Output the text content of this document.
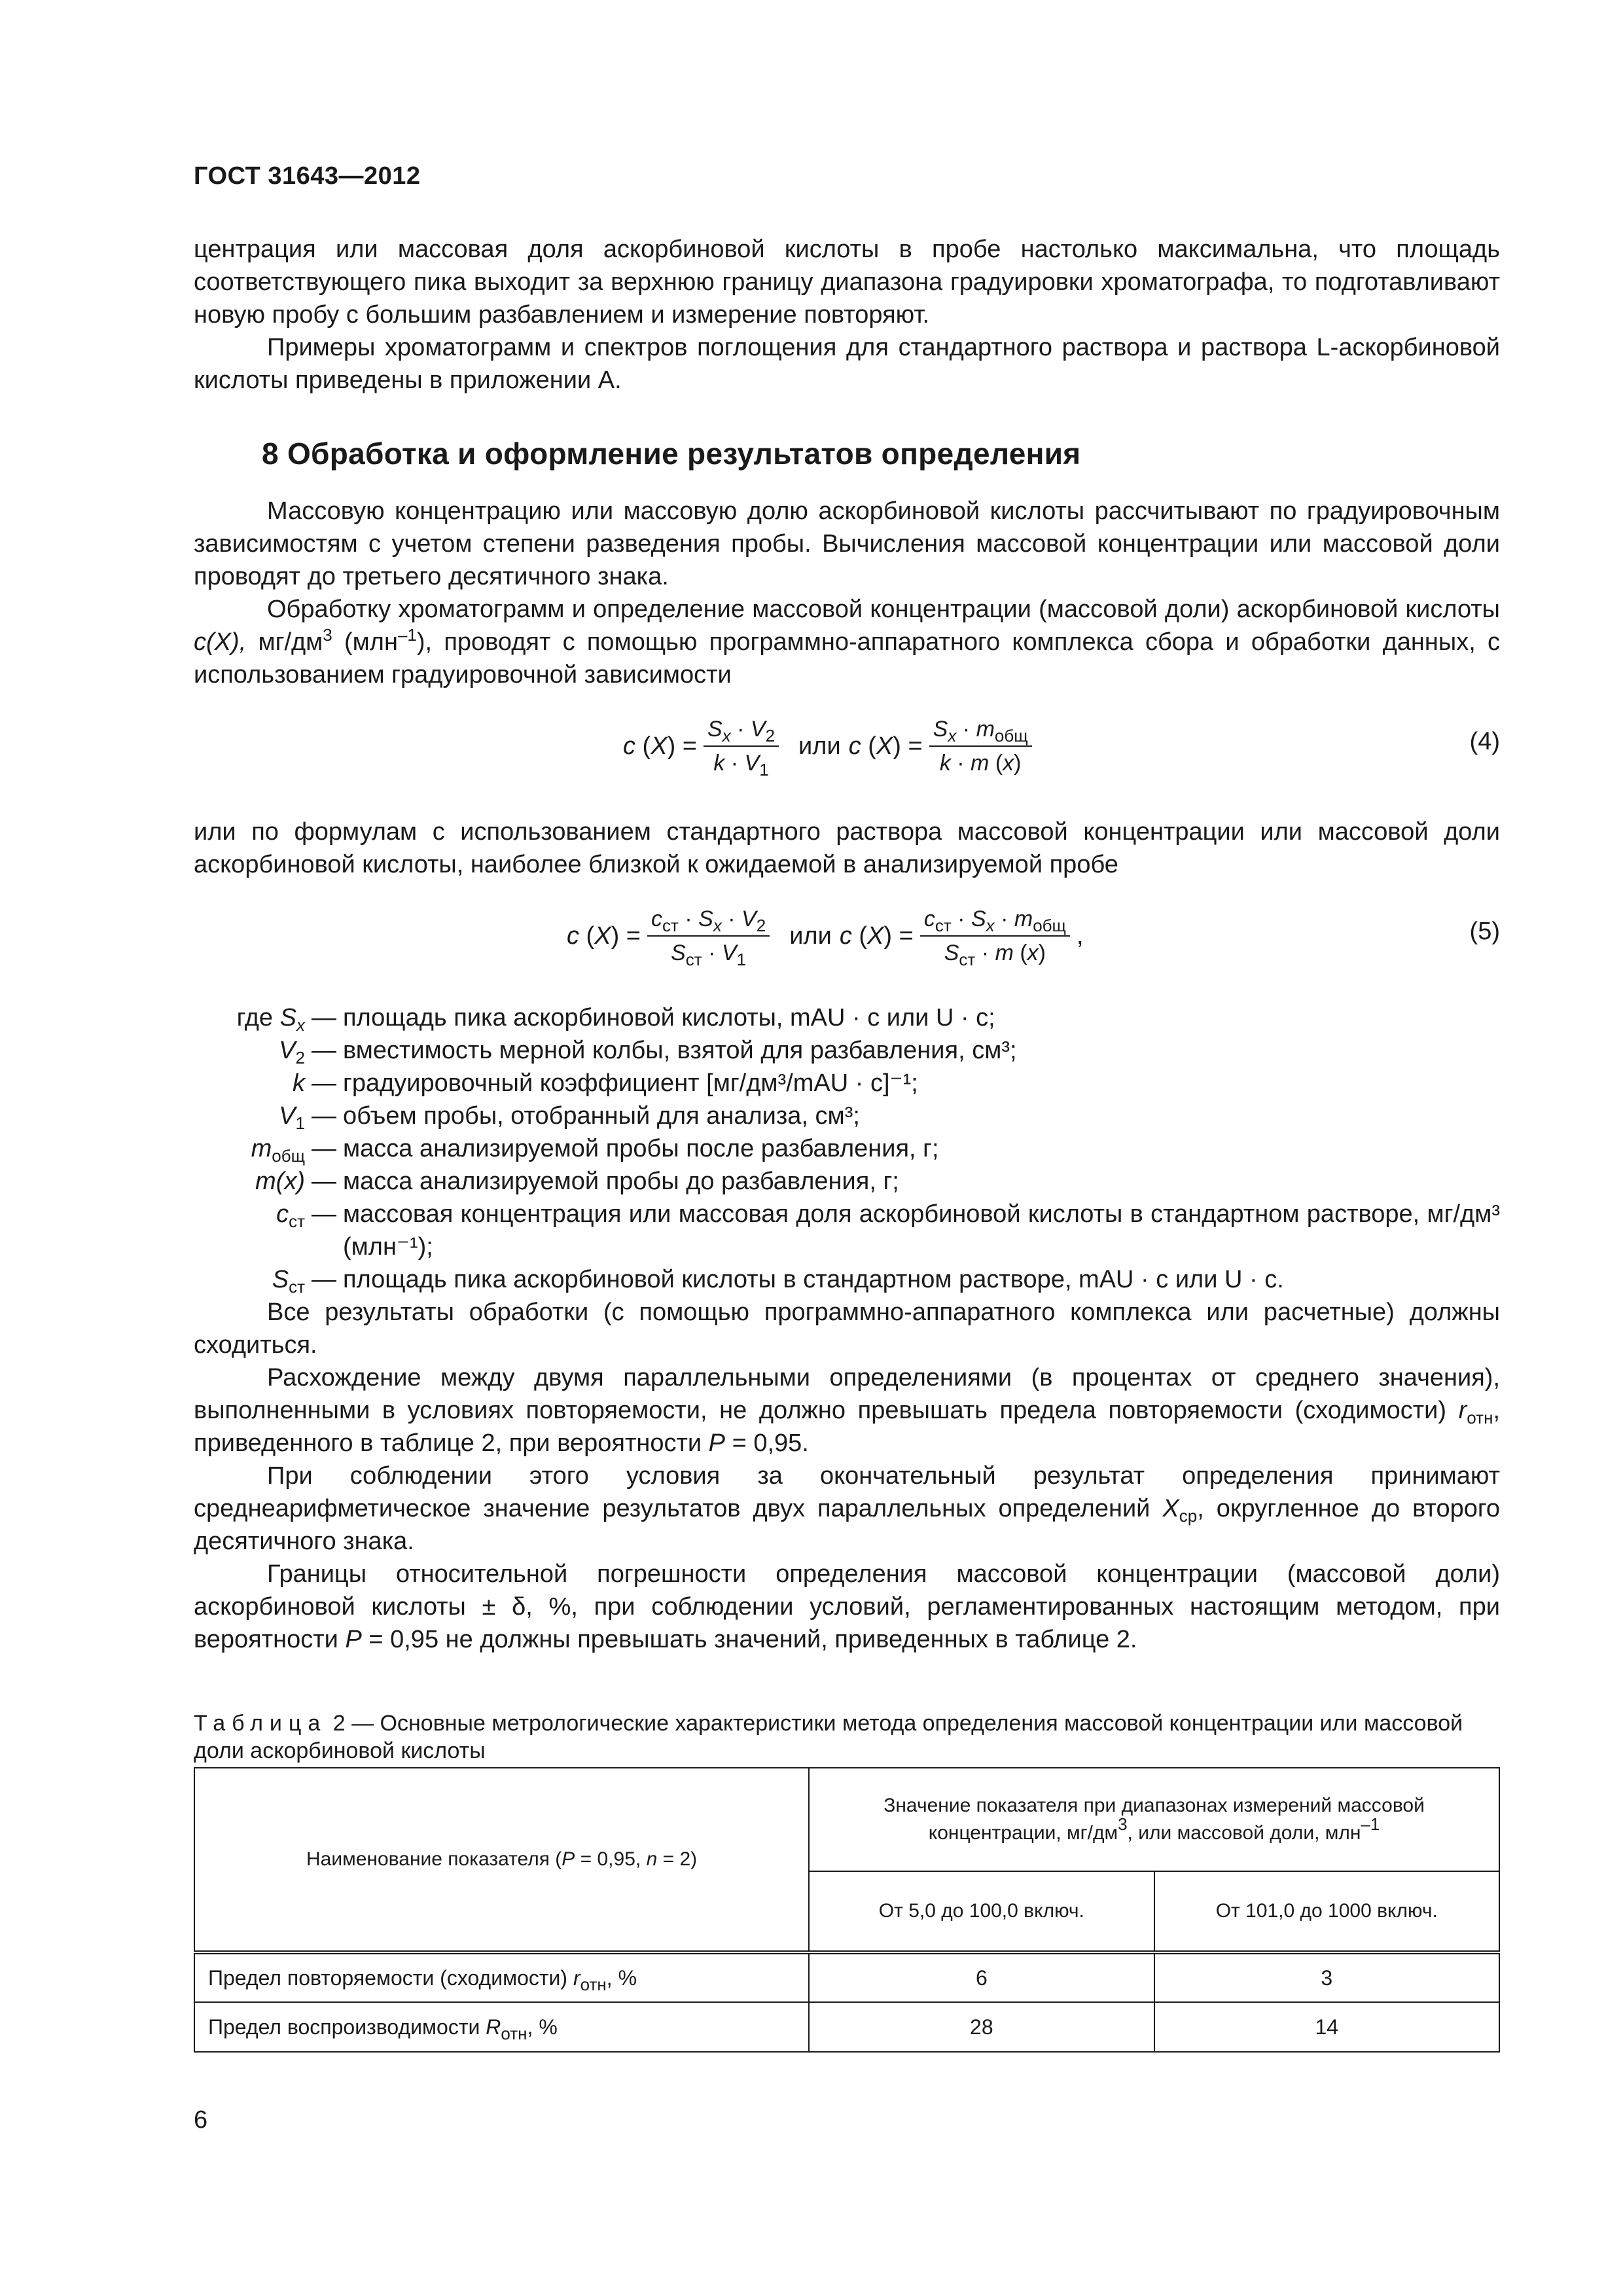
ГОСТ 31643—2012

центрация или массовая доля аскорбиновой кислоты в пробе настолько максимальна, что площадь соответствующего пика выходит за верхнюю границу диапазона градуировки хроматографа, то подготавливают новую пробу с большим разбавлением и измерение повторяют.

Примеры хроматограмм и спектров поглощения для стандартного раствора и раствора L-аскорбиновой кислоты приведены в приложении А.

8 Обработка и оформление результатов определения

Массовую концентрацию или массовую долю аскорбиновой кислоты рассчитывают по градуировочным зависимостям с учетом степени разведения пробы. Вычисления массовой концентрации или массовой доли проводят до третьего десятичного знака.

Обработку хроматограмм и определение массовой концентрации (массовой доли) аскорбиновой кислоты c(X), $мг/дм^3$ (млн$^{-1}$), проводят с помощью программно-аппаратного комплекса сбора и обработки данных, с использованием градуировочной зависимости

c $(X) = \frac{S_x \cdot V_2}{k \cdot V_1}$ или c $(X) = \frac{S_x \cdot m_{общ}}{k \cdot m (x)}$	(4)

или по формулам с использованием стандартного раствора массовой концентрации или массовой доли аскорбиновой кислоты, наиболее близкой к ожидаемой в анализируемой пробе

c $(X) = \frac{c_{ст} \cdot S_x \cdot V_2}{S_{ст} \cdot V_1}$ или c $(X) = \frac{c_{ст} \cdot S_x \cdot m_{общ}}{S_{ст} \cdot m (x)}$ ,	(5)
где $S_x$ — площадь пика аскорбиновой кислоты, mAU · с или U · с;
$V_2$ — вместимость мерной колбы, взятой для разбавления, см³;
k — градуировочный коэффициент [мг/дм³/mAU · с]⁻¹;
$V_1$ — объем пробы, отобранный для анализа, см³;
$m_{общ}$ — масса анализируемой пробы после разбавления, г;
m(x) — масса анализируемой пробы до разбавления, г;
$c_{ст}$ — массовая концентрация или массовая доля аскорбиновой кислоты в стандартном растворе, мг/дм³ (млн⁻¹);
$S_{ст}$ — площадь пика аскорбиновой кислоты в стандартном растворе, mAU · с или U · с.

Все результаты обработки (с помощью программно-аппаратного комплекса или расчетные) должны сходиться.

Расхождение между двумя параллельными определениями (в процентах от среднего значения), выполненными в условиях повторяемости, не должно превышать предела повторяемости (сходимости) $r_{отн}$, приведенного в таблице 2, при вероятности P = 0,95.

При соблюдении этого условия за окончательный результат определения принимают среднеарифметическое значение результатов двух параллельных определений $X_{ср}$, округленное до второго десятичного знака.

Границы относительной погрешности определения массовой концентрации (массовой доли) аскорбиновой кислоты ± δ, %, при соблюдении условий, регламентированных настоящим методом, при вероятности P = 0,95 не должны превышать значений, приведенных в таблице 2.

Таблица 2 — Основные метрологические характеристики метода определения массовой концентрации или массовой доли аскорбиновой кислоты
Наименование показателя (P = 0,95, n = 2)	Значение показателя при диапазонах измерений массовой концентрации, $мг/дм^3$, или массовой доли, млн$^{-1}$
	От 5,0 до 100,0 включ.	От 101,0 до 1000 включ.
Предел повторяемости (сходимости) $r_{отн}$, %	6	3
Предел воспроизводимости $R_{отн}$, %	28	14
6
